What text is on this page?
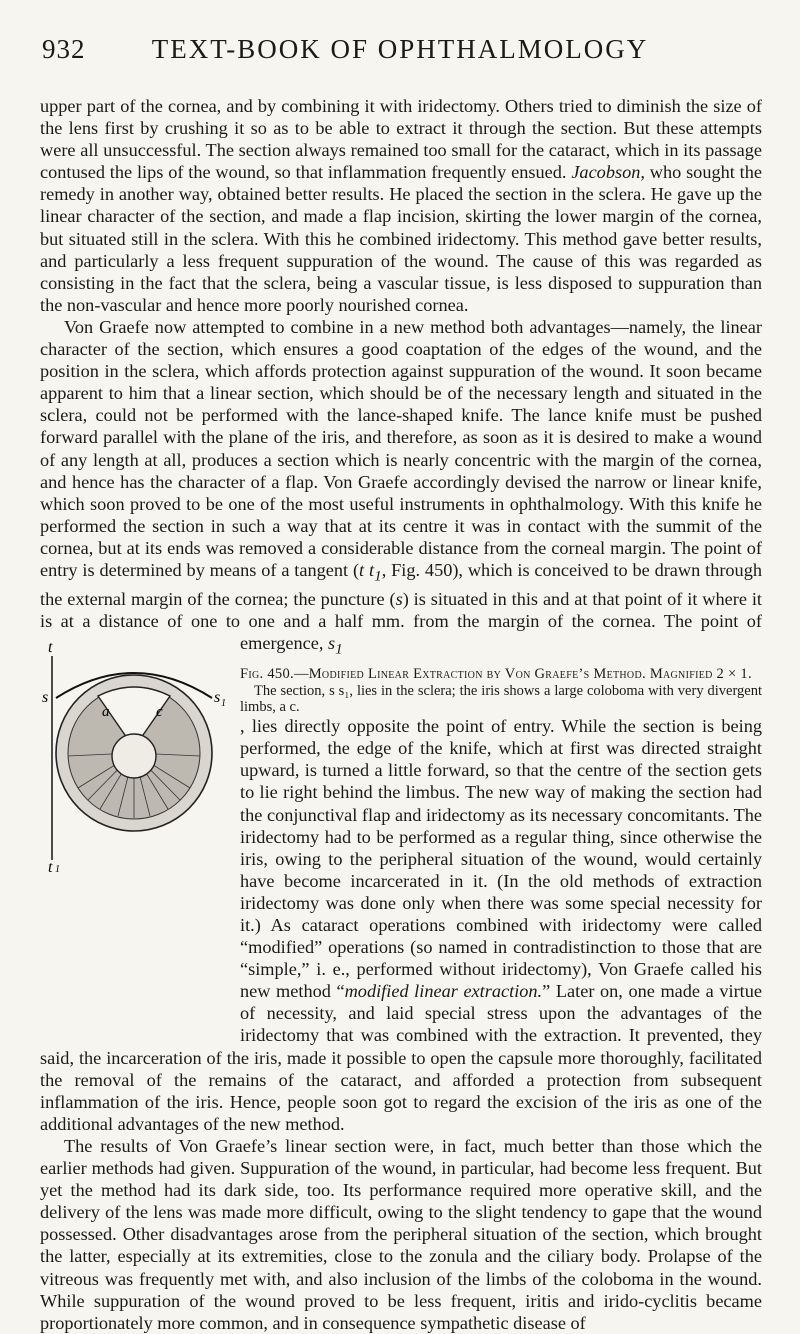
932	TEXT-BOOK OF OPHTHALMOLOGY

upper part of the cornea, and by combining it with iridectomy. Others tried to diminish the size of the lens first by crushing it so as to be able to extract it through the section. But these attempts were all unsuccessful. The section always remained too small for the cataract, which in its passage contused the lips of the wound, so that inflammation frequently ensued. Jacobson, who sought the remedy in another way, obtained better results. He placed the section in the sclera. He gave up the linear character of the section, and made a flap incision, skirting the lower margin of the cornea, but situated still in the sclera. With this he combined iridectomy. This method gave better results, and particularly a less frequent suppuration of the wound. The cause of this was regarded as consisting in the fact that the sclera, being a vascular tissue, is less disposed to suppuration than the non-vascular and hence more poorly nourished cornea.

Von Graefe now attempted to combine in a new method both advantages—namely, the linear character of the section, which ensures a good coaptation of the edges of the wound, and the position in the sclera, which affords protection against suppuration of the wound. It soon became apparent to him that a linear section, which should be of the necessary length and situated in the sclera, could not be performed with the lance-shaped knife. The lance knife must be pushed forward parallel with the plane of the iris, and therefore, as soon as it is desired to make a wound of any length at all, produces a section which is nearly concentric with the margin of the cornea, and hence has the character of a flap. Von Graefe accordingly devised the narrow or linear knife, which soon proved to be one of the most useful instruments in ophthalmology. With this knife he performed the section in such a way that at its centre it was in contact with the summit of the cornea, but at its ends was removed a considerable distance from the corneal margin. The point of entry is determined by means of a tangent (t $t_1$, Fig. 450), which is conceived to be drawn through the external margin of the cornea; the puncture (s) is situated in this and at that point of it where it is at a distance of one to one and a half mm. from the margin of the cornea. The point of emergence, $s_1$
t
s	s 1
a	c
t 1

Fig. 450.—Modified Linear Extraction by Von Graefe’s Method. Magnified 2 × 1.
The section, s s₁, lies in the sclera; the iris shows a large coloboma with very divergent limbs, a c.
, lies directly opposite the point of entry. While the section is being performed, the edge of the knife, which at first was directed straight upward, is turned a little forward, so that the centre of the section gets to lie right behind the limbus. The new way of making the section had the conjunctival flap and iridectomy as its necessary concomitants. The iridectomy had to be performed as a regular thing, since otherwise the iris, owing to the peripheral situation of the wound, would certainly have become incarcerated in it. (In the old methods of extraction iridectomy was done only when there was some special necessity for it.) As cataract operations combined with iridectomy were called “modified” operations (so named in contradistinction to those that are “simple,” i. e., performed without iridectomy), Von Graefe called his new method “modified linear extraction.” Later on, one made a virtue of necessity, and laid special stress upon the advantages of the iridectomy that was combined with the extraction. It prevented, they said, the incarceration of the iris, made it possible to open the capsule more thoroughly, facilitated the removal of the remains of the cataract, and afforded a protection from subsequent inflammation of the iris. Hence, people soon got to regard the excision of the iris as one of the additional advantages of the new method.

The results of Von Graefe’s linear section were, in fact, much better than those which the earlier methods had given. Suppuration of the wound, in particular, had become less frequent. But yet the method had its dark side, too. Its performance required more operative skill, and the delivery of the lens was made more difficult, owing to the slight tendency to gape that the wound possessed. Other disadvantages arose from the peripheral situation of the section, which brought the latter, especially at its extremities, close to the zonula and the ciliary body. Prolapse of the vitreous was frequently met with, and also inclusion of the limbs of the coloboma in the wound. While suppuration of the wound proved to be less frequent, iritis and irido-cyclitis became proportionately more common, and in consequence sympathetic disease of
